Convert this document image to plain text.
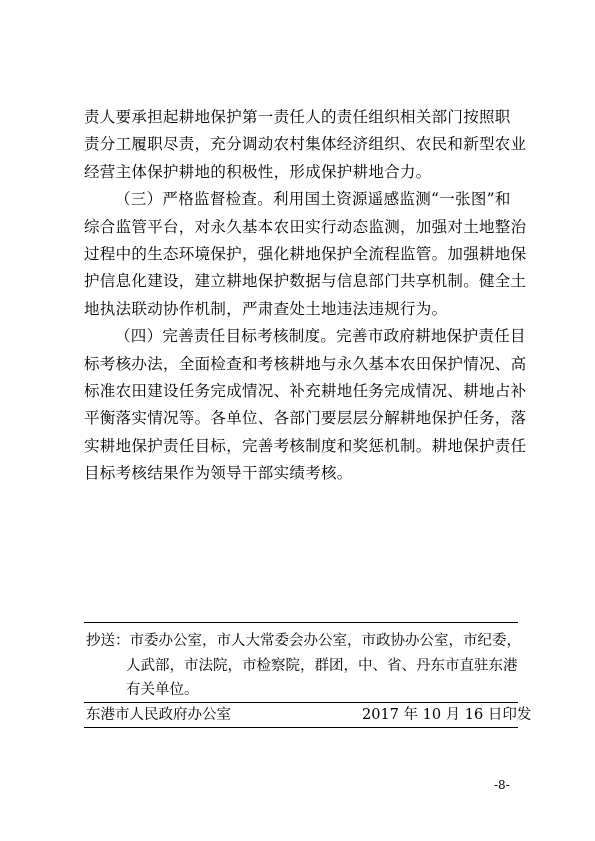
责人要承担起耕地保护第一责任人的责任组织相关部门按照职
责分工履职尽责，充分调动农村集体经济组织、农民和新型农业
经营主体保护耕地的积极性，形成保护耕地合力。
（三）严格监督检查。利用国土资源遥感监测“一张图”和
综合监管平台，对永久基本农田实行动态监测，加强对土地整治
过程中的生态环境保护，强化耕地保护全流程监管。加强耕地保
护信息化建设，建立耕地保护数据与信息部门共享机制。健全土
地执法联动协作机制，严肃查处土地违法违规行为。
（四）完善责任目标考核制度。完善市政府耕地保护责任目
标考核办法，全面检查和考核耕地与永久基本农田保护情况、高
标准农田建设任务完成情况、补充耕地任务完成情况、耕地占补
平衡落实情况等。各单位、各部门要层层分解耕地保护任务，落
实耕地保护责任目标，完善考核制度和奖惩机制。耕地保护责任
目标考核结果作为领导干部实绩考核。
抄送：市委办公室，市人大常委会办公室，市政协办公室，市纪委，
人武部，市法院，市检察院，群团，中、省、丹东市直驻东港
有关单位。
东港市人民政府办公室	2017 年 10 月 16 日印发
-8-
